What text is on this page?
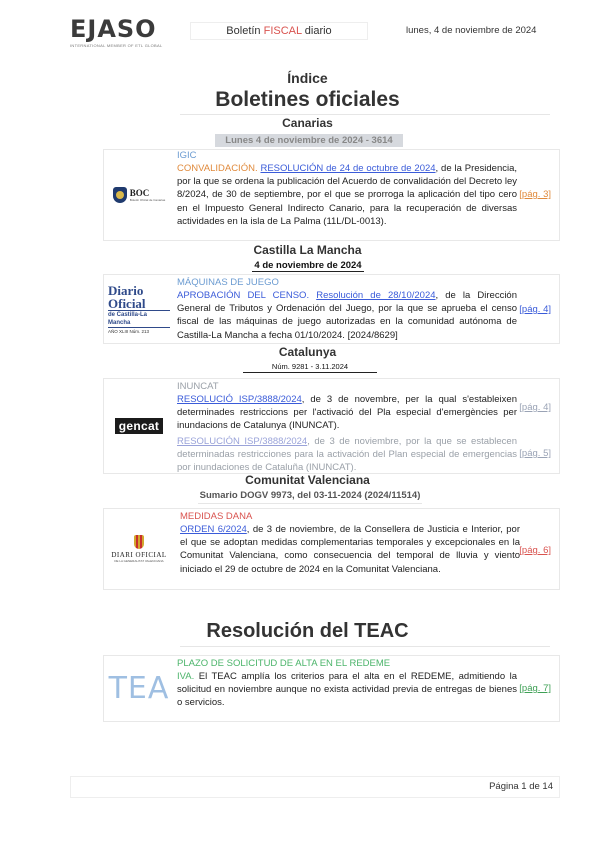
EJASO
INTERNATIONAL MEMBER OF ETL GLOBAL
Boletín FISCAL diario	lunes, 4 de noviembre de 2024
Índice
Boletines oficiales
Canarias
Lunes 4 de noviembre de 2024 - 3614
BOC
Boletín Oficial de Canarias
IGIC
CONVALIDACIÓN. RESOLUCIÓN de 24 de octubre de 2024, de la Presidencia, por la que se ordena la publicación del Acuerdo de convalidación del Decreto ley 8/2024, de 30 de septiembre, por el que se prorroga la aplicación del tipo cero en el Impuesto General Indirecto Canario, para la recuperación de diversas actividades en la isla de La Palma (11L/DL-0013).
[pág. 3]
Castilla La Mancha
4 de noviembre de 2024
Diario Oficial
de Castilla-La Mancha
AÑO XLIII Núm. 213
MÁQUINAS DE JUEGO
APROBACIÓN DEL CENSO. Resolución de 28/10/2024, de la Dirección General de Tributos y Ordenación del Juego, por la que se aprueba el censo fiscal de las máquinas de juego autorizadas en la comunidad autónoma de Castilla-La Mancha a fecha 01/10/2024. [2024/8629]
[pág. 4]
Catalunya
Núm. 9281 - 3.11.2024
gencat
INUNCAT
RESOLUCIÓ ISP/3888/2024, de 3 de novembre, per la qual s'estableixen determinades restriccions per l'activació del Pla especial d'emergències per inundacions de Catalunya (INUNCAT).
RESOLUCIÓN ISP/3888/2024, de 3 de noviembre, por la que se establecen determinadas restricciones para la activación del Plan especial de emergencias por inundaciones de Cataluña (INUNCAT).
[pág. 4]
[pág. 5]
Comunitat Valenciana
Sumario DOGV 9973, del 03-11-2024 (2024/11514)
DIARI OFICIAL
DE LA GENERALITAT VALENCIANA
MEDIDAS DANA
ORDEN 6/2024, de 3 de noviembre, de la Consellera de Justicia e Interior, por el que se adoptan medidas complementarias temporales y excepcionales en la Comunitat Valenciana, como consecuencia del temporal de lluvia y viento iniciado el 29 de octubre de 2024 en la Comunitat Valenciana.
[pág. 6]
Resolución del TEAC
TEA
PLAZO DE SOLICITUD DE ALTA EN EL REDEME
IVA. El TEAC amplía los criterios para el alta en el REDEME, admitiendo la solicitud en noviembre aunque no exista actividad previa de entregas de bienes o servicios.
[pág. 7]
Página 1 de 14
